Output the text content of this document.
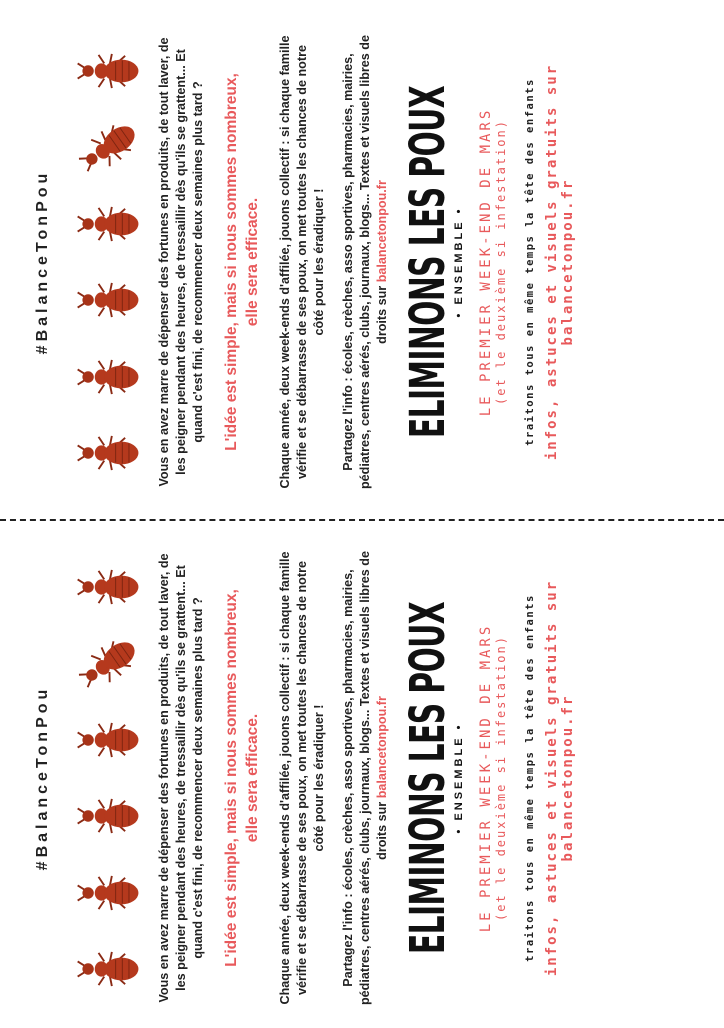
#BalanceTonPou	Vous en avez marre de dépenser des fortunes en produits, de tout laver, de les peigner pendant des heures, de tressaillir dès qu'ils se grattent... Et quand c'est fini, de recommencer deux semaines plus tard ? L'idée est simple, mais si nous sommes nombreux, elle sera efficace. Chaque année, deux week-ends d'affilée, jouons collectif : si chaque famille vérifie et se débarrasse de ses poux, on met toutes les chances de notre côté pour les éradiquer ! Partagez l'info : écoles, crèches, asso sportives, pharmacies, mairies, pédiatres, centres aérés, clubs, journaux, blogs... Textes et visuels libres de droits sur balancetonpou.fr ELIMINONS LES POUX
• ENSEMBLE • LE PREMIER WEEK-END DE MARS (et le deuxième si infestation) traitons tous en même temps la tête des enfants infos, astuces et visuels gratuits sur balancetonpou.fr
#BalanceTonPou	Vous en avez marre de dépenser des fortunes en produits, de tout laver, de les peigner pendant des heures, de tressaillir dès qu'ils se grattent... Et quand c'est fini, de recommencer deux semaines plus tard ? L'idée est simple, mais si nous sommes nombreux, elle sera efficace. Chaque année, deux week-ends d'affilée, jouons collectif : si chaque famille vérifie et se débarrasse de ses poux, on met toutes les chances de notre côté pour les éradiquer ! Partagez l'info : écoles, crèches, asso sportives, pharmacies, mairies, pédiatres, centres aérés, clubs, journaux, blogs... Textes et visuels libres de droits sur balancetonpou.fr ELIMINONS LES POUX
• ENSEMBLE • LE PREMIER WEEK-END DE MARS (et le deuxième si infestation) traitons tous en même temps la tête des enfants infos, astuces et visuels gratuits sur balancetonpou.fr
